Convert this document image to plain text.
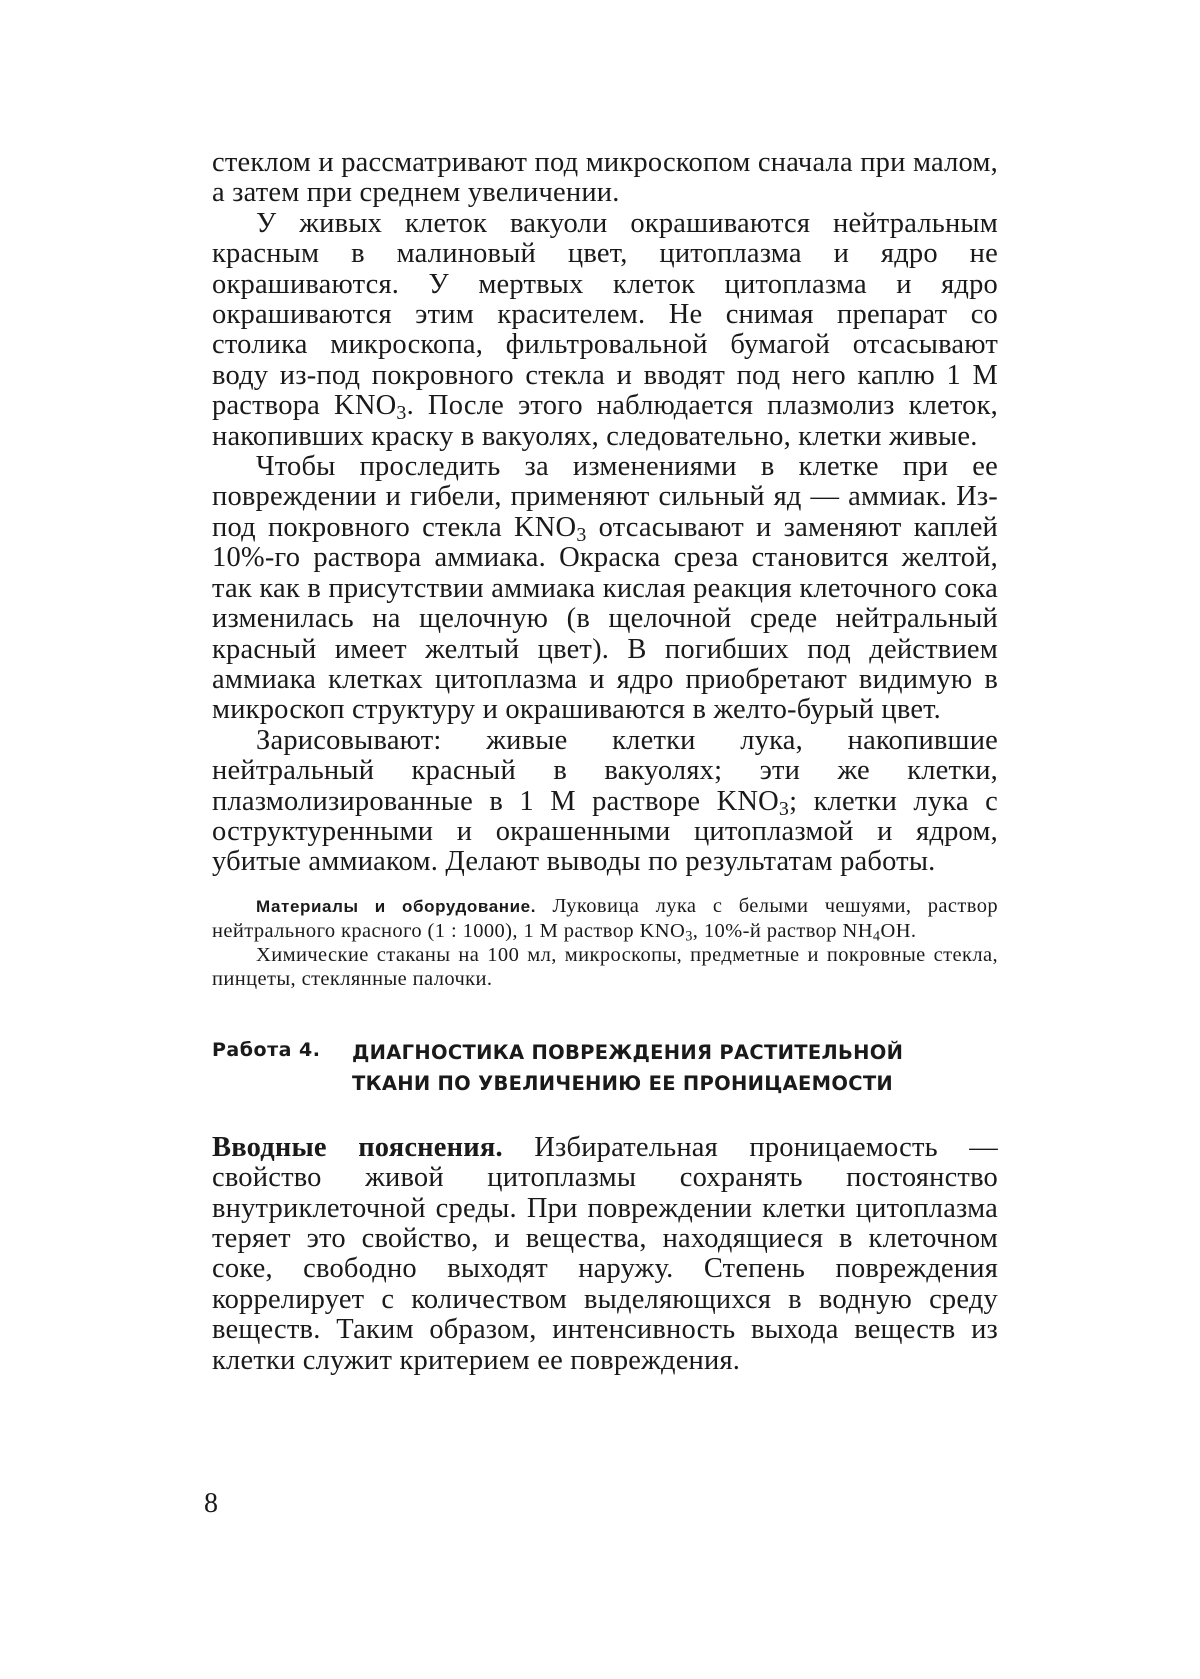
стеклом и рассматривают под микроскопом сначала при малом, а затем при среднем увеличении.

У живых клеток вакуоли окрашиваются нейтральным красным в малиновый цвет, цитоплазма и ядро не окрашиваются. У мертвых клеток цитоплазма и ядро окрашиваются этим красителем. Не снимая препарат со столика микроскопа, фильтровальной бумагой отсасывают воду из-под покровного стекла и вводят под него каплю 1 М раствора $KNO_3$. После этого наблюдается плазмолиз клеток, накопивших краску в вакуолях, следовательно, клетки живые.

Чтобы проследить за изменениями в клетке при ее повреждении и гибели, применяют сильный яд — аммиак. Из-под покровного стекла $KNO_3$ отсасывают и заменяют каплей 10%-го раствора аммиака. Окраска среза становится желтой, так как в присутствии аммиака кислая реакция клеточного сока изменилась на щелочную (в щелочной среде нейтральный красный имеет желтый цвет). В погибших под действием аммиака клетках цитоплазма и ядро приобретают видимую в микроскоп структуру и окрашиваются в желто-бурый цвет.

Зарисовывают: живые клетки лука, накопившие нейтральный красный в вакуолях; эти же клетки, плазмолизированные в 1 М растворе $KNO_3$; клетки лука с оструктуренными и окрашенными цитоплазмой и ядром, убитые аммиаком. Делают выводы по результатам работы.

Материалы и оборудование. Луковица лука с белыми чешуями, раствор нейтрального красного (1 : 1000), 1 М раствор $KNO_3$, 10%-й раствор $NH_4OH$.

Химические стаканы на 100 мл, микроскопы, предметные и покровные стекла, пинцеты, стеклянные палочки.

Работа 4. ДИАГНОСТИКА ПОВРЕЖДЕНИЯ РАСТИТЕЛЬНОЙ
ТКАНИ ПО УВЕЛИЧЕНИЮ ЕЕ ПРОНИЦАЕМОСТИ

Вводные пояснения. Избирательная проницаемость — свойство живой цитоплазмы сохранять постоянство внутриклеточной среды. При повреждении клетки цитоплазма теряет это свойство, и вещества, находящиеся в клеточном соке, свободно выходят наружу. Степень повреждения коррелирует с количеством выделяющихся в водную среду веществ. Таким образом, интенсивность выхода веществ из клетки служит критерием ее повреждения.

8
